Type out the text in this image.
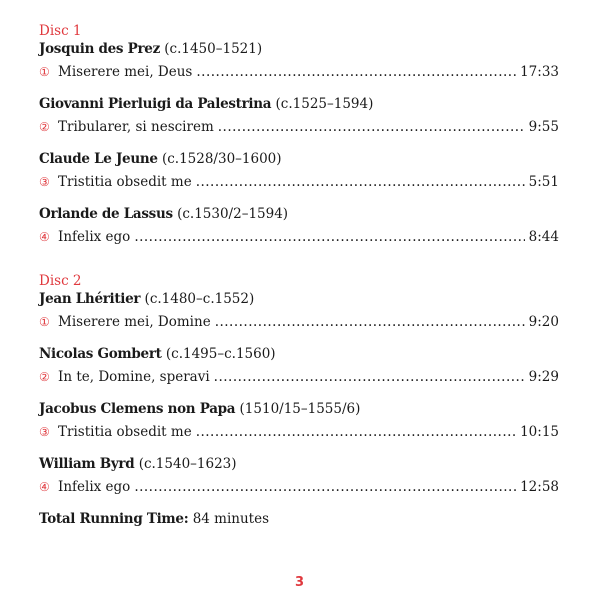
Disc 1
Josquin des Prez (c.1450–1521)
① Miserere mei, Deus .....	17:33
Giovanni Pierluigi da Palestrina (c.1525–1594)
② Tribularer, si nescirem .....	9:55
Claude Le Jeune (c.1528/30–1600)
③ Tristitia obsedit me .....	5:51
Orlande de Lassus (c.1530/2–1594)
④ Infelix ego .....	8:44
Disc 2
Jean Lhéritier (c.1480–c.1552)
① Miserere mei, Domine .....	9:20
Nicolas Gombert (c.1495–c.1560)
② In te, Domine, speravi .....	9:29
Jacobus Clemens non Papa (1510/15–1555/6)
③ Tristitia obsedit me .....	10:15
William Byrd (c.1540–1623)
④ Infelix ego .....	12:58
Total Running Time: 84 minutes
3
